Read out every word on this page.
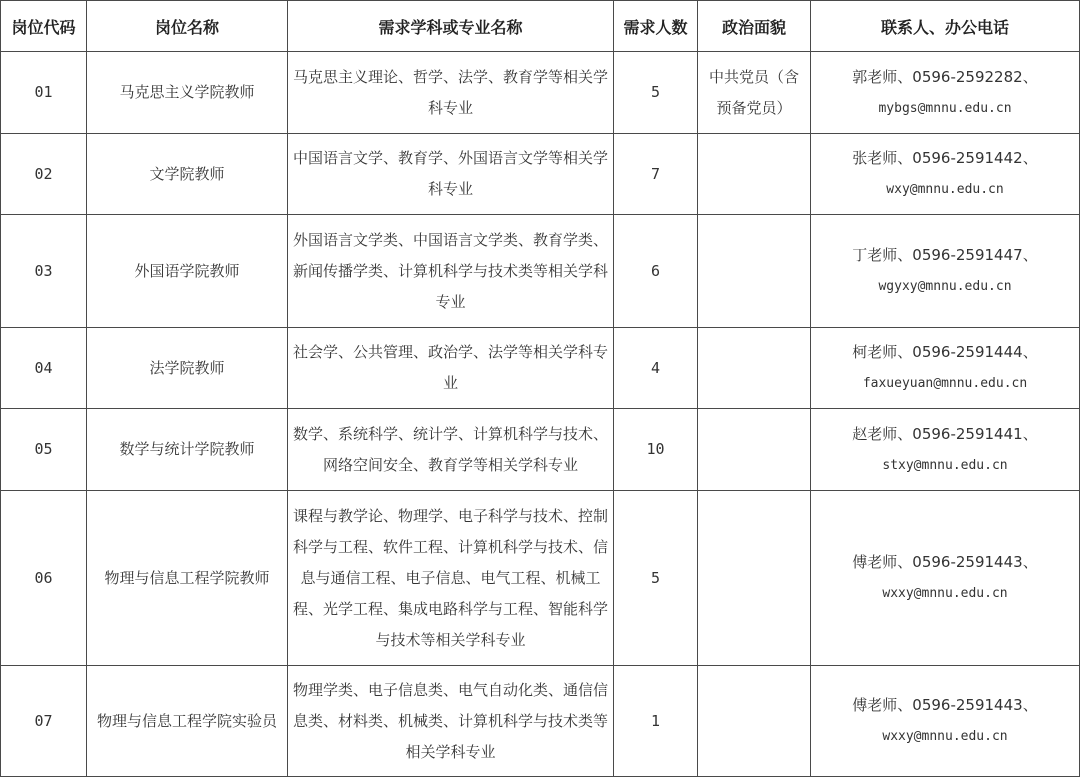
岗位代码	岗位名称	需求学科或专业名称	需求人数	政治面貌	联系人、办公电话
01	马克思主义学院教师	马克思主义理论、哲学、法学、教育学等相关学科专业	5	中共党员（含预备党员）	郭老师、0596-2592282、
mybgs@mnnu.edu.cn

02	文学院教师	中国语言文学、教育学、外国语言文学等相关学科专业	7		张老师、0596-2591442、
wxy@mnnu.edu.cn

03	外国语学院教师	外国语言文学类、中国语言文学类、教育学类、新闻传播学类、计算机科学与技术类等相关学科专业	6		丁老师、0596-2591447、
wgyxy@mnnu.edu.cn

04	法学院教师	社会学、公共管理、政治学、法学等相关学科专业	4		柯老师、0596-2591444、
faxueyuan@mnnu.edu.cn

05	数学与统计学院教师	数学、系统科学、统计学、计算机科学与技术、网络空间安全、教育学等相关学科专业	10		赵老师、0596-2591441、
stxy@mnnu.edu.cn

06	物理与信息工程学院教师	课程与教学论、物理学、电子科学与技术、控制科学与工程、软件工程、计算机科学与技术、信息与通信工程、电子信息、电气工程、机械工程、光学工程、集成电路科学与工程、智能科学与技术等相关学科专业	5		傅老师、0596-2591443、
wxxy@mnnu.edu.cn

07	物理与信息工程学院实验员	物理学类、电子信息类、电气自动化类、通信信息类、材料类、机械类、计算机科学与技术类等相关学科专业	1		傅老师、0596-2591443、
wxxy@mnnu.edu.cn
